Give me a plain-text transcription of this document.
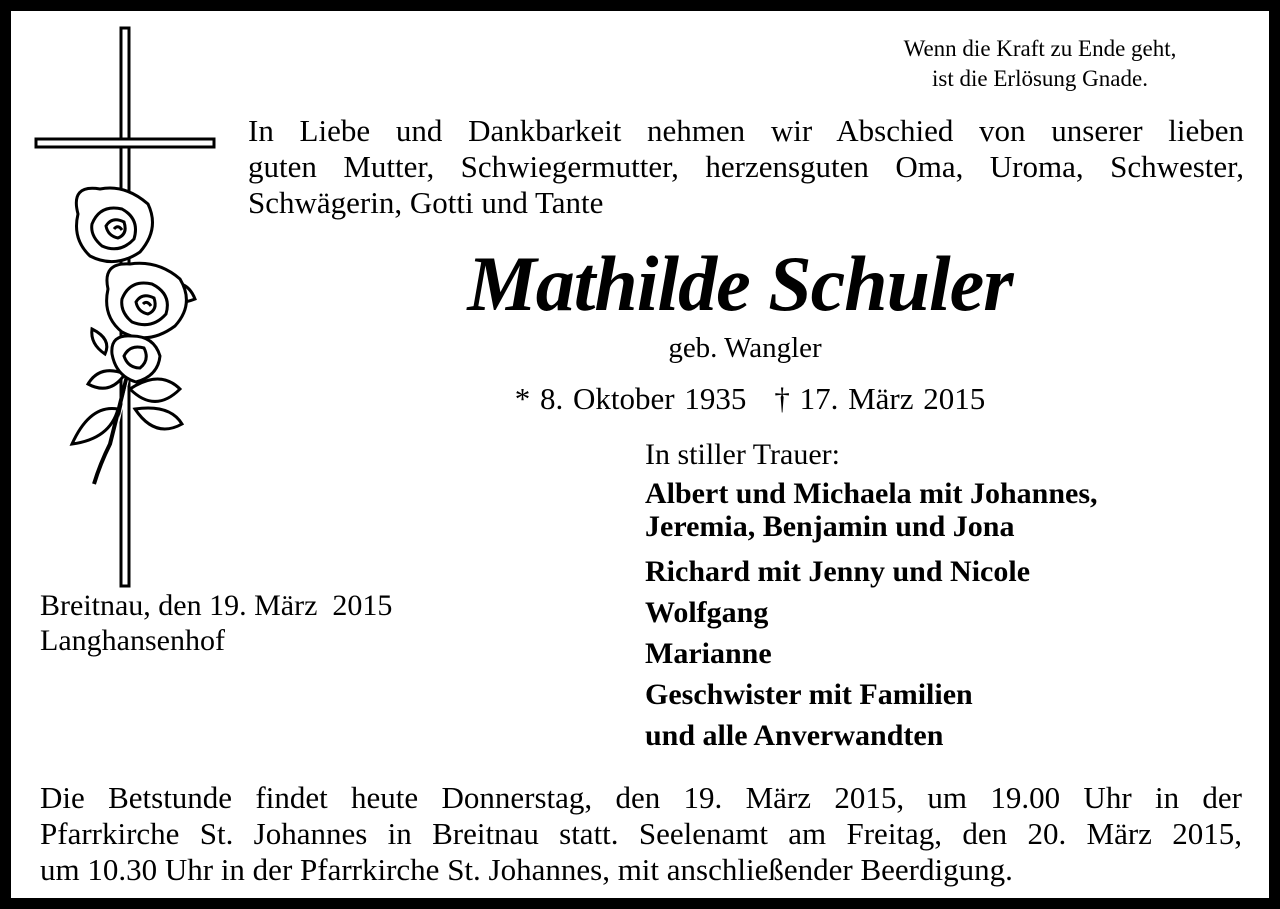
Wenn die Kraft zu Ende geht,
ist die Erlösung Gnade.
In Liebe und Dankbarkeit nehmen wir Abschied von unserer lieben
guten Mutter, Schwiegermutter, herzensguten Oma, Uroma, Schwester,
Schwägerin, Gotti und Tante
Mathilde Schuler
geb. Wangler
* 8. Oktober 1935 † 17. März 2015
In stiller Trauer:
Albert und Michaela mit Johannes,
Jeremia, Benjamin und Jona
Richard mit Jenny und Nicole
Wolfgang
Marianne
Geschwister mit Familien
und alle Anverwandten
Breitnau, den 19. März  2015
Langhansenhof
Die Betstunde findet heute Donnerstag, den 19. März 2015, um 19.00 Uhr in der
Pfarrkirche St. Johannes in Breitnau statt. Seelenamt am Freitag, den 20. März 2015,
um 10.30 Uhr in der Pfarrkirche St. Johannes, mit anschließender Beerdigung.
